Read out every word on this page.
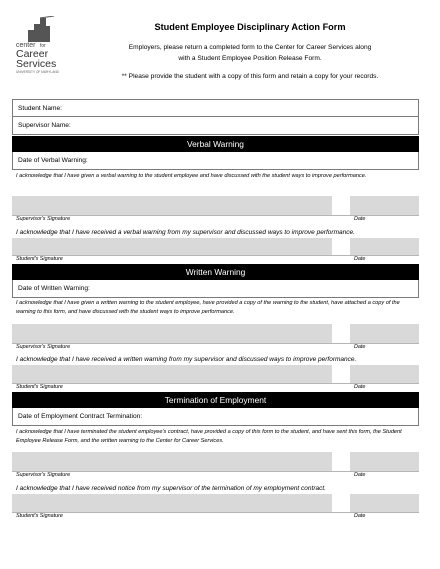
center for
Career
Services
UNIVERSITY OF MARYLAND
Student Employee Disciplinary Action Form
Employers, please return a completed form to the Center for Career Services along
with a Student Employee Position Release Form.
** Please provide the student with a copy of this form and retain a copy for your records.
Student Name:
Supervisor Name:
Verbal Warning
Date of Verbal Warning:
I acknowledge that I have given a verbal warning to the student employee and have discussed with the student ways to improve performance.
Supervisor's Signature	Date
I acknowledge that I have received a verbal warning from my supervisor and discussed ways to improve performance.
Student's Signature	Date
Written Warning
Date of Written Warning:
I acknowledge that I have given a written warning to the student employee, have provided a copy of the warning to the student, have attached a copy of the warning to this form, and have discussed with the student ways to improve performance.
Supervisor's Signature	Date
I acknowledge that I have received a written warning from my supervisor and discussed ways to improve performance.
Student's Signature	Date
Termination of Employment
Date of Employment Contract Termination:
I acknowledge that I have terminated the student employee's contract, have provided a copy of this form to the student, and have sent this form, the Student Employee Release Form, and the written warning to the Center for Career Services.
Supervisor's Signature	Date
I acknowledge that I have received notice from my supervisor of the termination of my employment contract.
Student's Signature	Date
